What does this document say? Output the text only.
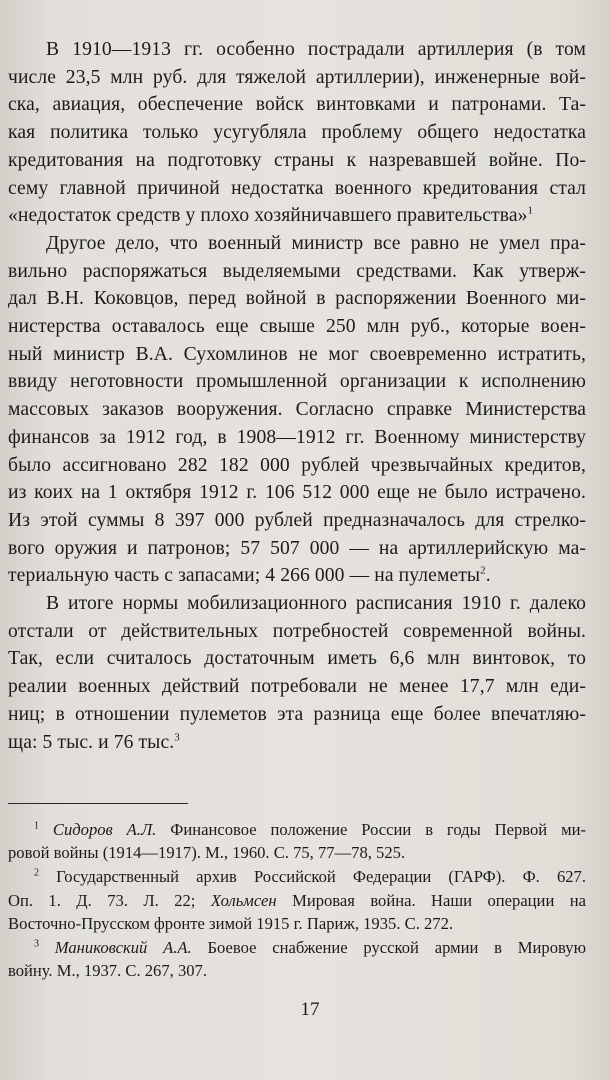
В 1910—1913 гг. особенно пострадали артиллерия (в том
числе 23,5 млн руб. для тяжелой артиллерии), инженерные вой-
ска, авиация, обеспечение войск винтовками и патронами. Та-
кая политика только усугубляла проблему общего недостатка
кредитования на подготовку страны к назревавшей войне. По-
сему главной причиной недостатка военного кредитования стал
«недостаток средств у плохо хозяйничавшего правительства»$^1$

Другое дело, что военный министр все равно не умел пра-
вильно распоряжаться выделяемыми средствами. Как утверж-
дал В.Н. Коковцов, перед войной в распоряжении Военного ми-
нистерства оставалось еще свыше 250 млн руб., которые воен-
ный министр В.А. Сухомлинов не мог своевременно истратить,
ввиду неготовности промышленной организации к исполнению
массовых заказов вооружения. Согласно справке Министерства
финансов за 1912 год, в 1908—1912 гг. Военному министерству
было ассигновано 282 182 000 рублей чрезвычайных кредитов,
из коих на 1 октября 1912 г. 106 512 000 еще не было истрачено.
Из этой суммы 8 397 000 рублей предназначалось для стрелко-
вого оружия и патронов; 57 507 000 — на артиллерийскую ма-
териальную часть с запасами; 4 266 000 — на пулеметы$^2$.

В итоге нормы мобилизационного расписания 1910 г. далеко
отстали от действительных потребностей современной войны.
Так, если считалось достаточным иметь 6,6 млн винтовок, то
реалии военных действий потребовали не менее 17,7 млн еди-
ниц; в отношении пулеметов эта разница еще более впечатляю-
ща: 5 тыс. и 76 тыс.$^3$

$^1$ Сидоров А.Л. Финансовое положение России в годы Первой ми-
ровой войны (1914—1917). М., 1960. С. 75, 77—78, 525.

$^2$ Государственный архив Российской Федерации (ГАРФ). Ф. 627.
Оп. 1. Д. 73. Л. 22; Хольмсен Мировая война. Наши операции на
Восточно-Прусском фронте зимой 1915 г. Париж, 1935. С. 272.

$^3$ Маниковский А.А. Боевое снабжение русской армии в Мировую
войну. М., 1937. С. 267, 307.

17
